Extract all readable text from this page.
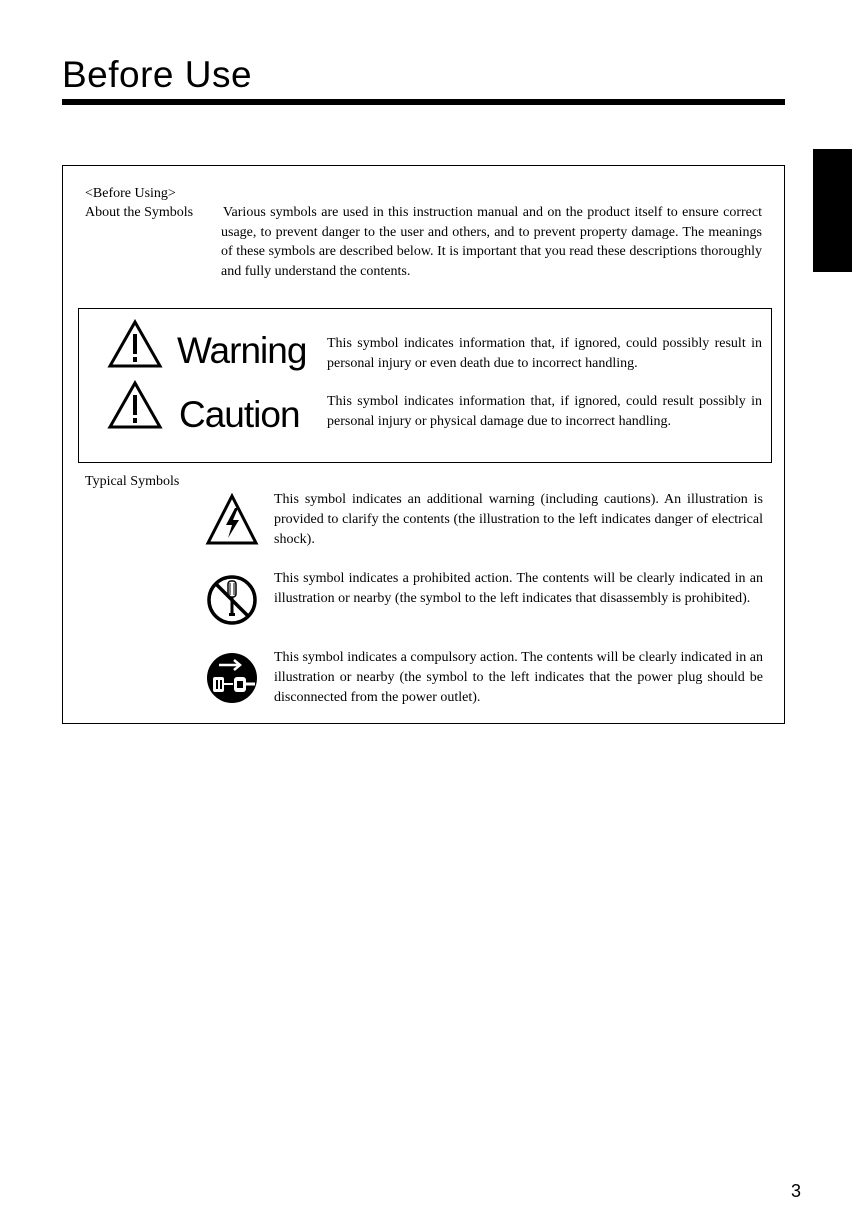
Before Use
<Before Using>
About the Symbols Various symbols are used in this instruction manual and on the product itself to ensure correct usage, to prevent danger to the user and others, and to prevent property damage. The meanings of these symbols are described below. It is important that you read these descriptions thoroughly and fully understand the contents.
Warning This symbol indicates information that, if ignored, could possibly result in personal injury or even death due to incorrect handling.
Caution This symbol indicates information that, if ignored, could result possibly in personal injury or physical damage due to incorrect handling.
Typical Symbols
This symbol indicates an additional warning (including cautions). An illustration is provided to clarify the contents (the illustration to the left indicates danger of electrical shock).
This symbol indicates a prohibited action. The contents will be clearly indicated in an illustration or nearby (the symbol to the left indicates that disassembly is prohibited).
This symbol indicates a compulsory action. The contents will be clearly indicated in an illustration or nearby (the symbol to the left indicates that the power plug should be disconnected from the power outlet).
3
